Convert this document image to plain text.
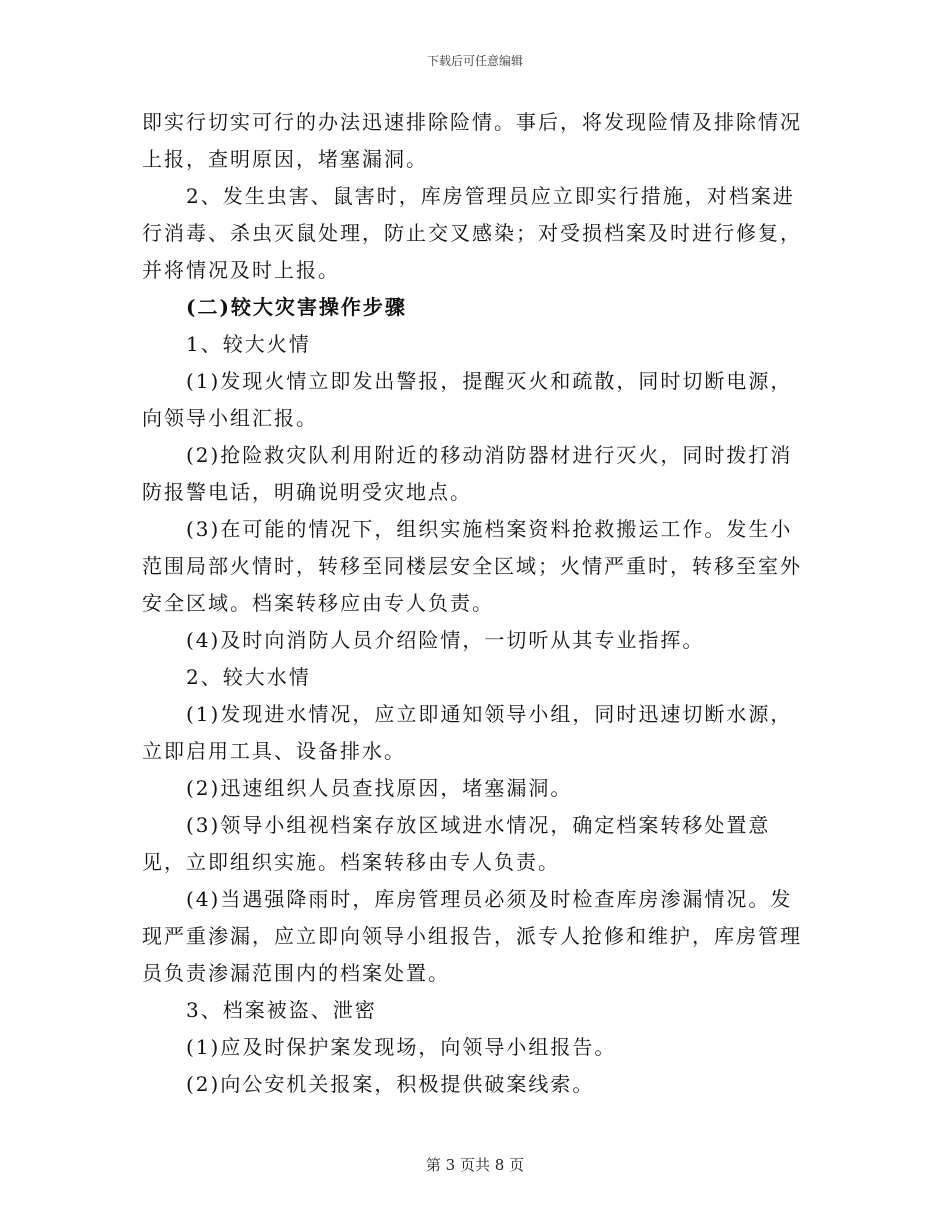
下载后可任意编辑

即实行切实可行的办法迅速排除险情。事后，将发现险情及排除情况上报，查明原因，堵塞漏洞。

2、发生虫害、鼠害时，库房管理员应立即实行措施，对档案进行消毒、杀虫灭鼠处理，防止交叉感染；对受损档案及时进行修复，并将情况及时上报。

(二)较大灾害操作步骤

1、较大火情

(1)发现火情立即发出警报，提醒灭火和疏散，同时切断电源，向领导小组汇报。

(2)抢险救灾队利用附近的移动消防器材进行灭火，同时拨打消防报警电话，明确说明受灾地点。

(3)在可能的情况下，组织实施档案资料抢救搬运工作。发生小范围局部火情时，转移至同楼层安全区域；火情严重时，转移至室外安全区域。档案转移应由专人负责。

(4)及时向消防人员介绍险情，一切听从其专业指挥。

2、较大水情

(1)发现进水情况，应立即通知领导小组，同时迅速切断水源，立即启用工具、设备排水。

(2)迅速组织人员查找原因，堵塞漏洞。

(3)领导小组视档案存放区域进水情况，确定档案转移处置意见，立即组织实施。档案转移由专人负责。

(4)当遇强降雨时，库房管理员必须及时检查库房渗漏情况。发现严重渗漏，应立即向领导小组报告，派专人抢修和维护，库房管理员负责渗漏范围内的档案处置。

3、档案被盗、泄密

(1)应及时保护案发现场，向领导小组报告。

(2)向公安机关报案，积极提供破案线索。

第 3 页共 8 页
